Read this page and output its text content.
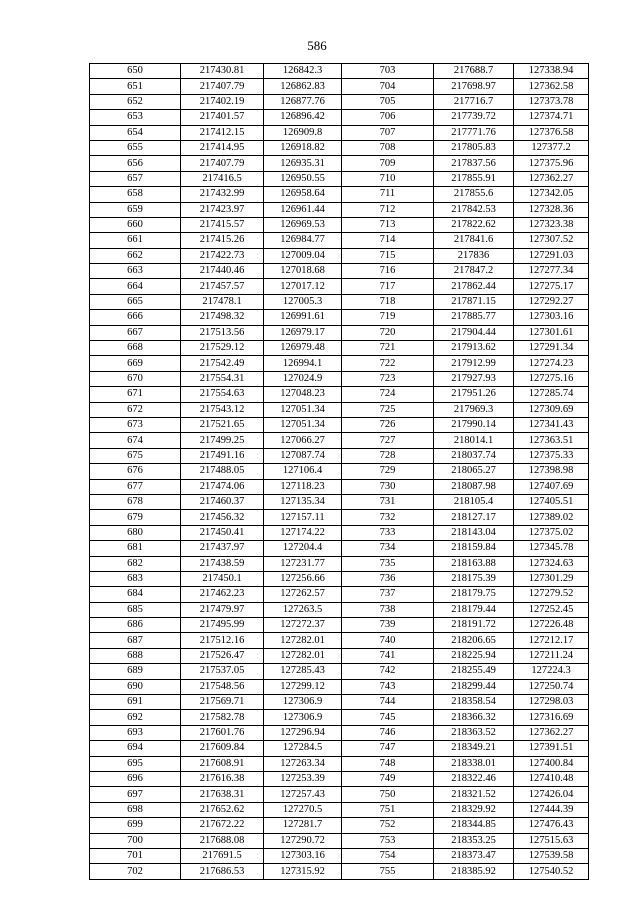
586
650	217430.81	126842.3	703	217688.7	127338.94
651	217407.79	126862.83	704	217698.97	127362.58
652	217402.19	126877.76	705	217716.7	127373.78
653	217401.57	126896.42	706	217739.72	127374.71
654	217412.15	126909.8	707	217771.76	127376.58
655	217414.95	126918.82	708	217805.83	127377.2
656	217407.79	126935.31	709	217837.56	127375.96
657	217416.5	126950.55	710	217855.91	127362.27
658	217432.99	126958.64	711	217855.6	127342.05
659	217423.97	126961.44	712	217842.53	127328.36
660	217415.57	126969.53	713	217822.62	127323.38
661	217415.26	126984.77	714	217841.6	127307.52
662	217422.73	127009.04	715	217836	127291.03
663	217440.46	127018.68	716	217847.2	127277.34
664	217457.57	127017.12	717	217862.44	127275.17
665	217478.1	127005.3	718	217871.15	127292.27
666	217498.32	126991.61	719	217885.77	127303.16
667	217513.56	126979.17	720	217904.44	127301.61
668	217529.12	126979.48	721	217913.62	127291.34
669	217542.49	126994.1	722	217912.99	127274.23
670	217554.31	127024.9	723	217927.93	127275.16
671	217554.63	127048.23	724	217951.26	127285.74
672	217543.12	127051.34	725	217969.3	127309.69
673	217521.65	127051.34	726	217990.14	127341.43
674	217499.25	127066.27	727	218014.1	127363.51
675	217491.16	127087.74	728	218037.74	127375.33
676	217488.05	127106.4	729	218065.27	127398.98
677	217474.06	127118.23	730	218087.98	127407.69
678	217460.37	127135.34	731	218105.4	127405.51
679	217456.32	127157.11	732	218127.17	127389.02
680	217450.41	127174.22	733	218143.04	127375.02
681	217437.97	127204.4	734	218159.84	127345.78
682	217438.59	127231.77	735	218163.88	127324.63
683	217450.1	127256.66	736	218175.39	127301.29
684	217462.23	127262.57	737	218179.75	127279.52
685	217479.97	127263.5	738	218179.44	127252.45
686	217495.99	127272.37	739	218191.72	127226.48
687	217512.16	127282.01	740	218206.65	127212.17
688	217526.47	127282.01	741	218225.94	127211.24
689	217537.05	127285.43	742	218255.49	127224.3
690	217548.56	127299.12	743	218299.44	127250.74
691	217569.71	127306.9	744	218358.54	127298.03
692	217582.78	127306.9	745	218366.32	127316.69
693	217601.76	127296.94	746	218363.52	127362.27
694	217609.84	127284.5	747	218349.21	127391.51
695	217608.91	127263.34	748	218338.01	127400.84
696	217616.38	127253.39	749	218322.46	127410.48
697	217638.31	127257.43	750	218321.52	127426.04
698	217652.62	127270.5	751	218329.92	127444.39
699	217672.22	127281.7	752	218344.85	127476.43
700	217688.08	127290.72	753	218353.25	127515.63
701	217691.5	127303.16	754	218373.47	127539.58
702	217686.53	127315.92	755	218385.92	127540.52
